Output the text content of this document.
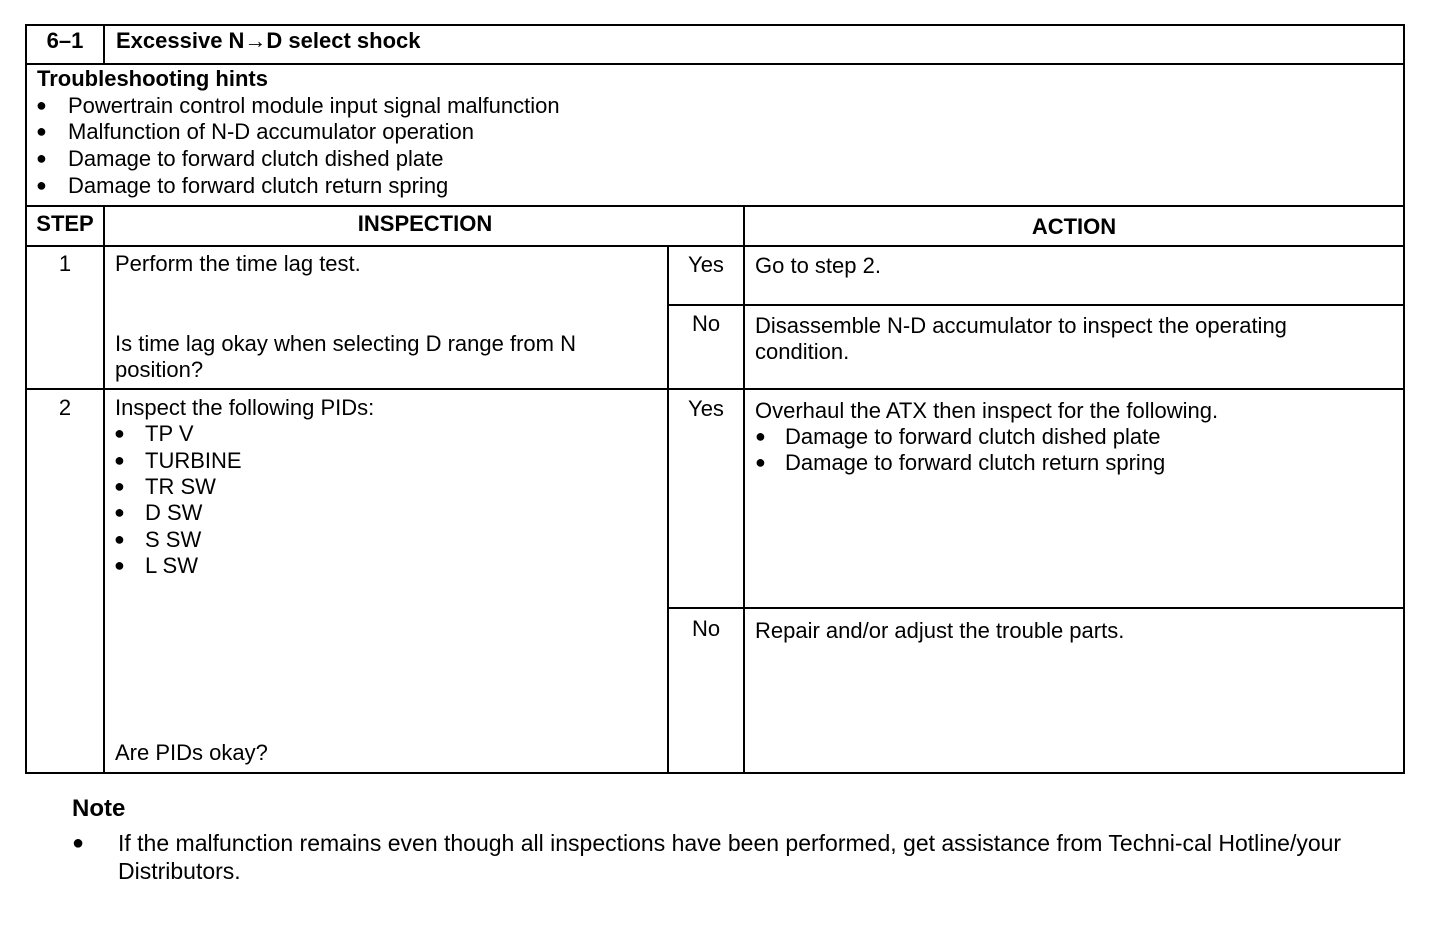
6–1	Excessive N→D select shock
Troubleshooting hints
● Powertrain control module input signal malfunction
● Malfunction of N-D accumulator operation
● Damage to forward clutch dished plate
● Damage to forward clutch return spring
STEP	INSPECTION	ACTION
1	Perform the time lag test.
Is time lag okay when selecting D range from N position?
Yes	Go to step 2.
No	Disassemble N-D accumulator to inspect the operating condition.
2	Inspect the following PIDs:
● TP V
● TURBINE
● TR SW
● D SW
● S SW
● L SW
Are PIDs okay?
Yes	Overhaul the ATX then inspect for the following.
● Damage to forward clutch dished plate
● Damage to forward clutch return spring
No	Repair and/or adjust the trouble parts.
Note
● If the malfunction remains even though all inspections have been performed, get assistance from Techni-cal Hotline/your Distributors.
